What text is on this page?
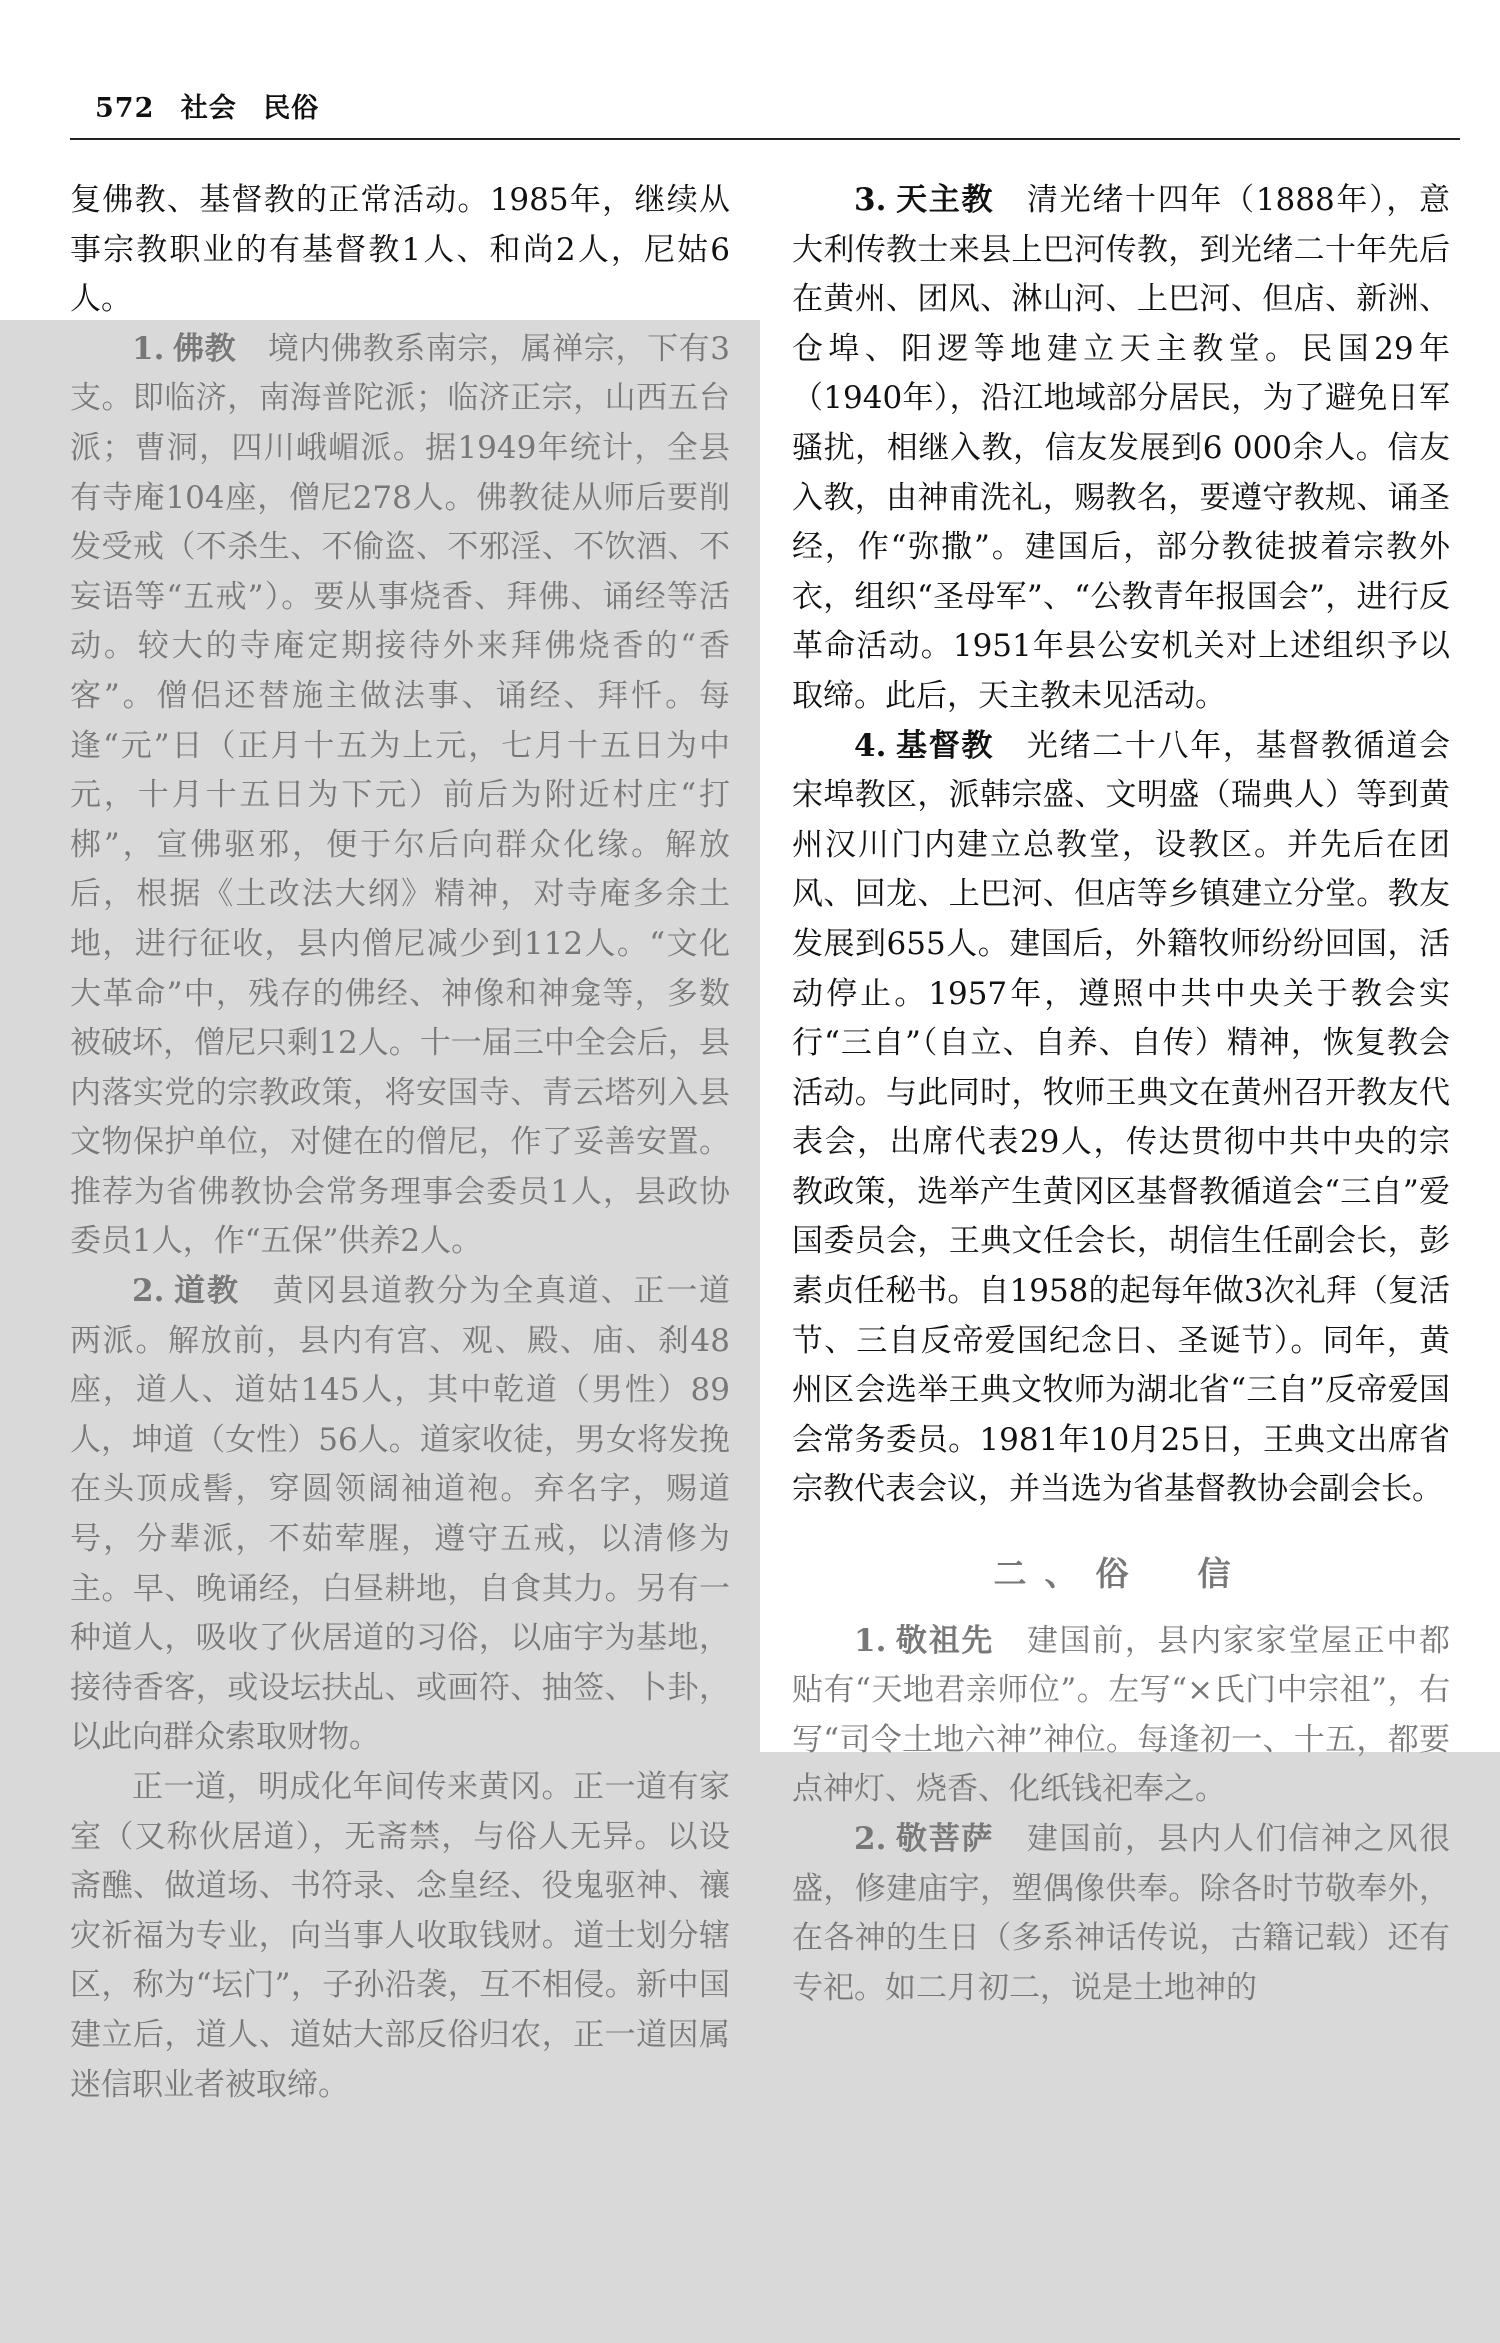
572 社会 民俗

复佛教、基督教的正常活动。1985年，继续从事宗教职业的有基督教1人、和尚2人，尼姑6人。

1. 佛教　 境内佛教系南宗，属禅宗，下有3支。即临济，南海普陀派；临济正宗，山西五台派；曹洞，四川峨嵋派。据1949年统计，全县有寺庵104座，僧尼278人。佛教徒从师后要削发受戒（不杀生、不偷盗、不邪淫、不饮酒、不妄语等“五戒”）。要从事烧香、拜佛、诵经等活动。较大的寺庵定期接待外来拜佛烧香的“香客”。僧侣还替施主做法事、诵经、拜忏。每逢“元”日（正月十五为上元，七月十五日为中元，十月十五日为下元）前后为附近村庄“打梆”，宣佛驱邪，便于尔后向群众化缘。解放后，根据《土改法大纲》精神，对寺庵多余土地，进行征收，县内僧尼减少到112人。“文化大革命”中，残存的佛经、神像和神龛等，多数被破坏，僧尼只剩12人。十一届三中全会后，县内落实党的宗教政策，将安国寺、青云塔列入县文物保护单位，对健在的僧尼，作了妥善安置。推荐为省佛教协会常务理事会委员1人，县政协委员1人，作“五保”供养2人。

2. 道教　 黄冈县道教分为全真道、正一道两派。解放前，县内有宫、观、殿、庙、刹48座，道人、道姑145人，其中乾道（男性）89人，坤道（女性）56人。道家收徒，男女将发挽在头顶成髻，穿圆领阔袖道袍。弃名字，赐道号，分辈派，不茹荤腥，遵守五戒，以清修为主。早、晚诵经，白昼耕地，自食其力。另有一种道人，吸收了伙居道的习俗，以庙宇为基地，接待香客，或设坛扶乩、或画符、抽签、卜卦，以此向群众索取财物。

正一道，明成化年间传来黄冈。正一道有家室（又称伙居道），无斋禁，与俗人无异。以设斋醮、做道场、书符录、念皇经、役鬼驱神、禳灾祈福为专业，向当事人收取钱财。道士划分辖区，称为“坛门”，子孙沿袭，互不相侵。新中国建立后，道人、道姑大部反俗归农，正一道因属迷信职业者被取缔。

3. 天主教　 清光绪十四年（1888年），意大利传教士来县上巴河传教，到光绪二十年先后在黄州、团风、淋山河、上巴河、但店、新洲、仓埠、阳逻等地建立天主教堂。民国29年（1940年），沿江地域部分居民，为了避免日军骚扰，相继入教，信友发展到6 000余人。信友入教，由神甫洗礼，赐教名，要遵守教规、诵圣经，作“弥撒”。建国后，部分教徒披着宗教外衣，组织“圣母军”、“公教青年报国会”，进行反革命活动。1951年县公安机关对上述组织予以取缔。此后，天主教未见活动。

4. 基督教　 光绪二十八年，基督教循道会宋埠教区，派韩宗盛、文明盛（瑞典人）等到黄州汉川门内建立总教堂，设教区。并先后在团风、回龙、上巴河、但店等乡镇建立分堂。教友发展到655人。建国后，外籍牧师纷纷回国，活动停止。1957年，遵照中共中央关于教会实行“三自”（自立、自养、自传）精神，恢复教会活动。与此同时，牧师王典文在黄州召开教友代表会，出席代表29人，传达贯彻中共中央的宗教政策，选举产生黄冈区基督教循道会“三自”爱国委员会，王典文任会长，胡信生任副会长，彭素贞任秘书。自1958的起每年做3次礼拜（复活节、三自反帝爱国纪念日、圣诞节）。同年，黄州区会选举王典文牧师为湖北省“三自”反帝爱国会常务委员。1981年10月25日，王典文出席省宗教代表会议，并当选为省基督教协会副会长。

二、俗　信

1. 敬祖先　 建国前，县内家家堂屋正中都贴有“天地君亲师位”。左写“×氏门中宗祖”，右写“司令土地六神”神位。每逢初一、十五，都要点神灯、烧香、化纸钱祀奉之。

2. 敬菩萨　 建国前，县内人们信神之风很盛，修建庙宇，塑偶像供奉。除各时节敬奉外，在各神的生日（多系神话传说，古籍记载）还有专祀。如二月初二，说是土地神的
